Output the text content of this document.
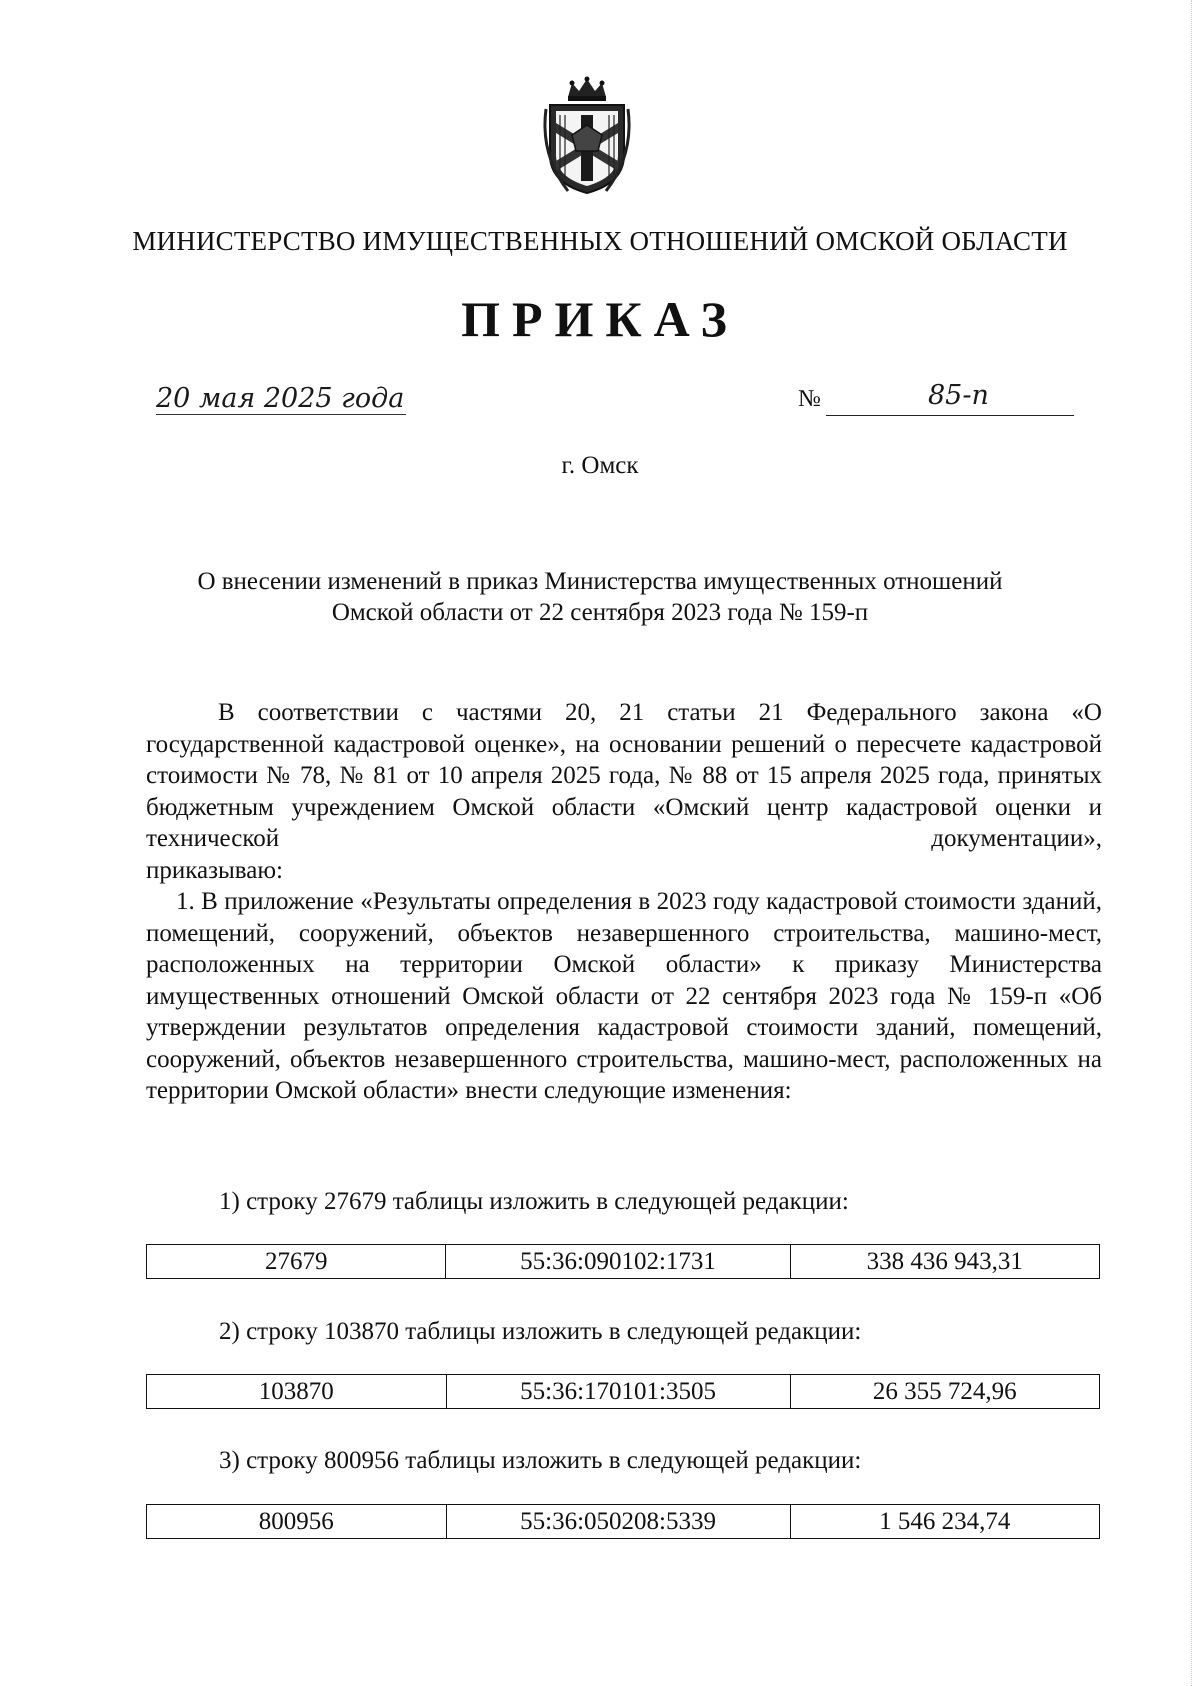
МИНИСТЕРСТВО ИМУЩЕСТВЕННЫХ ОТНОШЕНИЙ ОМСКОЙ ОБЛАСТИ
ПРИКАЗ
20 мая 2025 года	№	85-п
г. Омск
О внесении изменений в приказ Министерства имущественных отношений
Омской области от 22 сентября 2023 года № 159-п

В соответствии с частями 20, 21 статьи 21 Федерального закона «О государственной кадастровой оценке», на основании решений о пересчете кадастровой стоимости № 78, № 81 от 10 апреля 2025 года, № 88 от 15 апреля 2025 года, принятых бюджетным учреждением Омской области «Омский центр кадастровой оценки и технической документации»,

приказываю:

1. В приложение «Результаты определения в 2023 году кадастровой стоимости зданий, помещений, сооружений, объектов незавершенного строительства, машино-мест, расположенных на территории Омской области» к приказу Министерства имущественных отношений Омской области от 22 сентября 2023 года № 159-п «Об утверждении результатов определения кадастровой стоимости зданий, помещений, сооружений, объектов незавершенного строительства, машино-мест, расположенных на территории Омской области» внести следующие изменения:

1) строку 27679 таблицы изложить в следующей редакции:
27679	55:36:090102:1731	338 436 943,31
2) строку 103870 таблицы изложить в следующей редакции:
103870	55:36:170101:3505	26 355 724,96
3) строку 800956 таблицы изложить в следующей редакции:
800956	55:36:050208:5339	1 546 234,74
